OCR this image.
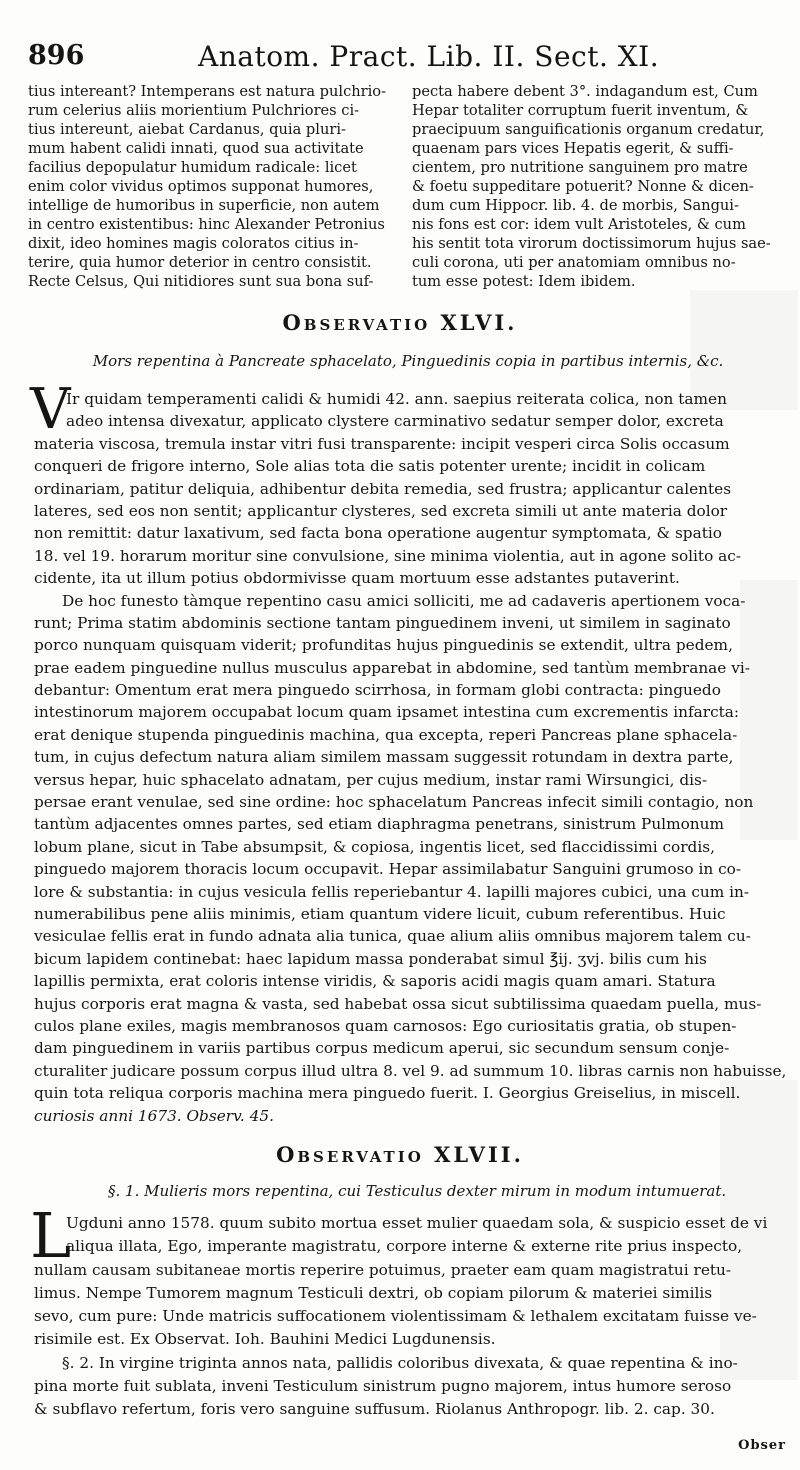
896	Anatom. Pract. Lib. II. Sect. XI.
tius intereant? Intemperans est natura pulchrio-
rum celerius aliis morientium Pulchriores ci-
tius intereunt, aiebat Cardanus, quia pluri-
mum habent calidi innati, quod sua activitate
facilius depopulatur humidum radicale: licet
enim color vividus optimos supponat humores,
intellige de humoribus in superficie, non autem
in centro existentibus: hinc Alexander Petronius
dixit, ideo homines magis coloratos citius in-
terire, quia humor deterior in centro consistit.
Recte Celsus, Qui nitidiores sunt sua bona suf-
pecta habere debent 3°. indagandum est, Cum
Hepar totaliter corruptum fuerit inventum, &
praecipuum sanguificationis organum credatur,
quaenam pars vices Hepatis egerit, & suffi-
cientem, pro nutritione sanguinem pro matre
& foetu suppeditare potuerit? Nonne & dicen-
dum cum Hippocr. lib. 4. de morbis, Sangui-
nis fons est cor: idem vult Aristoteles, & cum
his sentit tota virorum doctissimorum hujus sae-
culi corona, uti per anatomiam omnibus no-
tum esse potest: Idem ibidem.
Observatio XLVI.
Mors repentina à Pancreate sphacelato, Pinguedinis copia in partibus internis, &c.
V
Ir quidam temperamenti calidi & humidi 42. ann. saepius reiterata colica, non tamen
adeo intensa divexatur, applicato clystere carminativo sedatur semper dolor, excreta
materia viscosa, tremula instar vitri fusi transparente: incipit vesperi circa Solis occasum
conqueri de frigore interno, Sole alias tota die satis potenter urente; incidit in colicam
ordinariam, patitur deliquia, adhibentur debita remedia, sed frustra; applicantur calentes
lateres, sed eos non sentit; applicantur clysteres, sed excreta simili ut ante materia dolor
non remittit: datur laxativum, sed facta bona operatione augentur symptomata, & spatio
18. vel 19. horarum moritur sine convulsione, sine minima violentia, aut in agone solito ac-
cidente, ita ut illum potius obdormivisse quam mortuum esse adstantes putaverint.
De hoc funesto tàmque repentino casu amici solliciti, me ad cadaveris apertionem voca-
runt; Prima statim abdominis sectione tantam pinguedinem inveni, ut similem in saginato
porco nunquam quisquam viderit; profunditas hujus pinguedinis se extendit, ultra pedem,
prae eadem pinguedine nullus musculus apparebat in abdomine, sed tantùm membranae vi-
debantur: Omentum erat mera pinguedo scirrhosa, in formam globi contracta: pinguedo
intestinorum majorem occupabat locum quam ipsamet intestina cum excrementis infarcta:
erat denique stupenda pinguedinis machina, qua excepta, reperi Pancreas plane sphacela-
tum, in cujus defectum natura aliam similem massam suggessit rotundam in dextra parte,
versus hepar, huic sphacelato adnatam, per cujus medium, instar rami Wirsungici, dis-
persae erant venulae, sed sine ordine: hoc sphacelatum Pancreas infecit simili contagio, non
tantùm adjacentes omnes partes, sed etiam diaphragma penetrans, sinistrum Pulmonum
lobum plane, sicut in Tabe absumpsit, & copiosa, ingentis licet, sed flaccidissimi cordis,
pinguedo majorem thoracis locum occupavit. Hepar assimilabatur Sanguini grumoso in co-
lore & substantia: in cujus vesicula fellis reperiebantur 4. lapilli majores cubici, una cum in-
numerabilibus pene aliis minimis, etiam quantum videre licuit, cubum referentibus. Huic
vesiculae fellis erat in fundo adnata alia tunica, quae alium aliis omnibus majorem talem cu-
bicum lapidem continebat: haec lapidum massa ponderabat simul ℥ij. ʒvj. bilis cum his
lapillis permixta, erat coloris intense viridis, & saporis acidi magis quam amari. Statura
hujus corporis erat magna & vasta, sed habebat ossa sicut subtilissima quaedam puella, mus-
culos plane exiles, magis membranosos quam carnosos: Ego curiositatis gratia, ob stupen-
dam pinguedinem in variis partibus corpus medicum aperui, sic secundum sensum conje-
cturaliter judicare possum corpus illud ultra 8. vel 9. ad summum 10. libras carnis non habuisse,
quin tota reliqua corporis machina mera pinguedo fuerit. I. Georgius Greiselius, in miscell.
curiosis anni 1673. Observ. 45.
Observatio XLVII.
§. 1. Mulieris mors repentina, cui Testiculus dexter mirum in modum intumuerat.
L
Ugduni anno 1578. quum subito mortua esset mulier quaedam sola, & suspicio esset de vi
aliqua illata, Ego, imperante magistratu, corpore interne & externe rite prius inspecto,
nullam causam subitaneae mortis reperire potuimus, praeter eam quam magistratui retu-
limus. Nempe Tumorem magnum Testiculi dextri, ob copiam pilorum & materiei similis
sevo, cum pure: Unde matricis suffocationem violentissimam & lethalem excitatam fuisse ve-
risimile est. Ex Observat. Ioh. Bauhini Medici Lugdunensis.
§. 2. In virgine triginta annos nata, pallidis coloribus divexata, & quae repentina & ino-
pina morte fuit sublata, inveni Testiculum sinistrum pugno majorem, intus humore seroso
& subflavo refertum, foris vero sanguine suffusum. Riolanus Anthropogr. lib. 2. cap. 30.
Obser
